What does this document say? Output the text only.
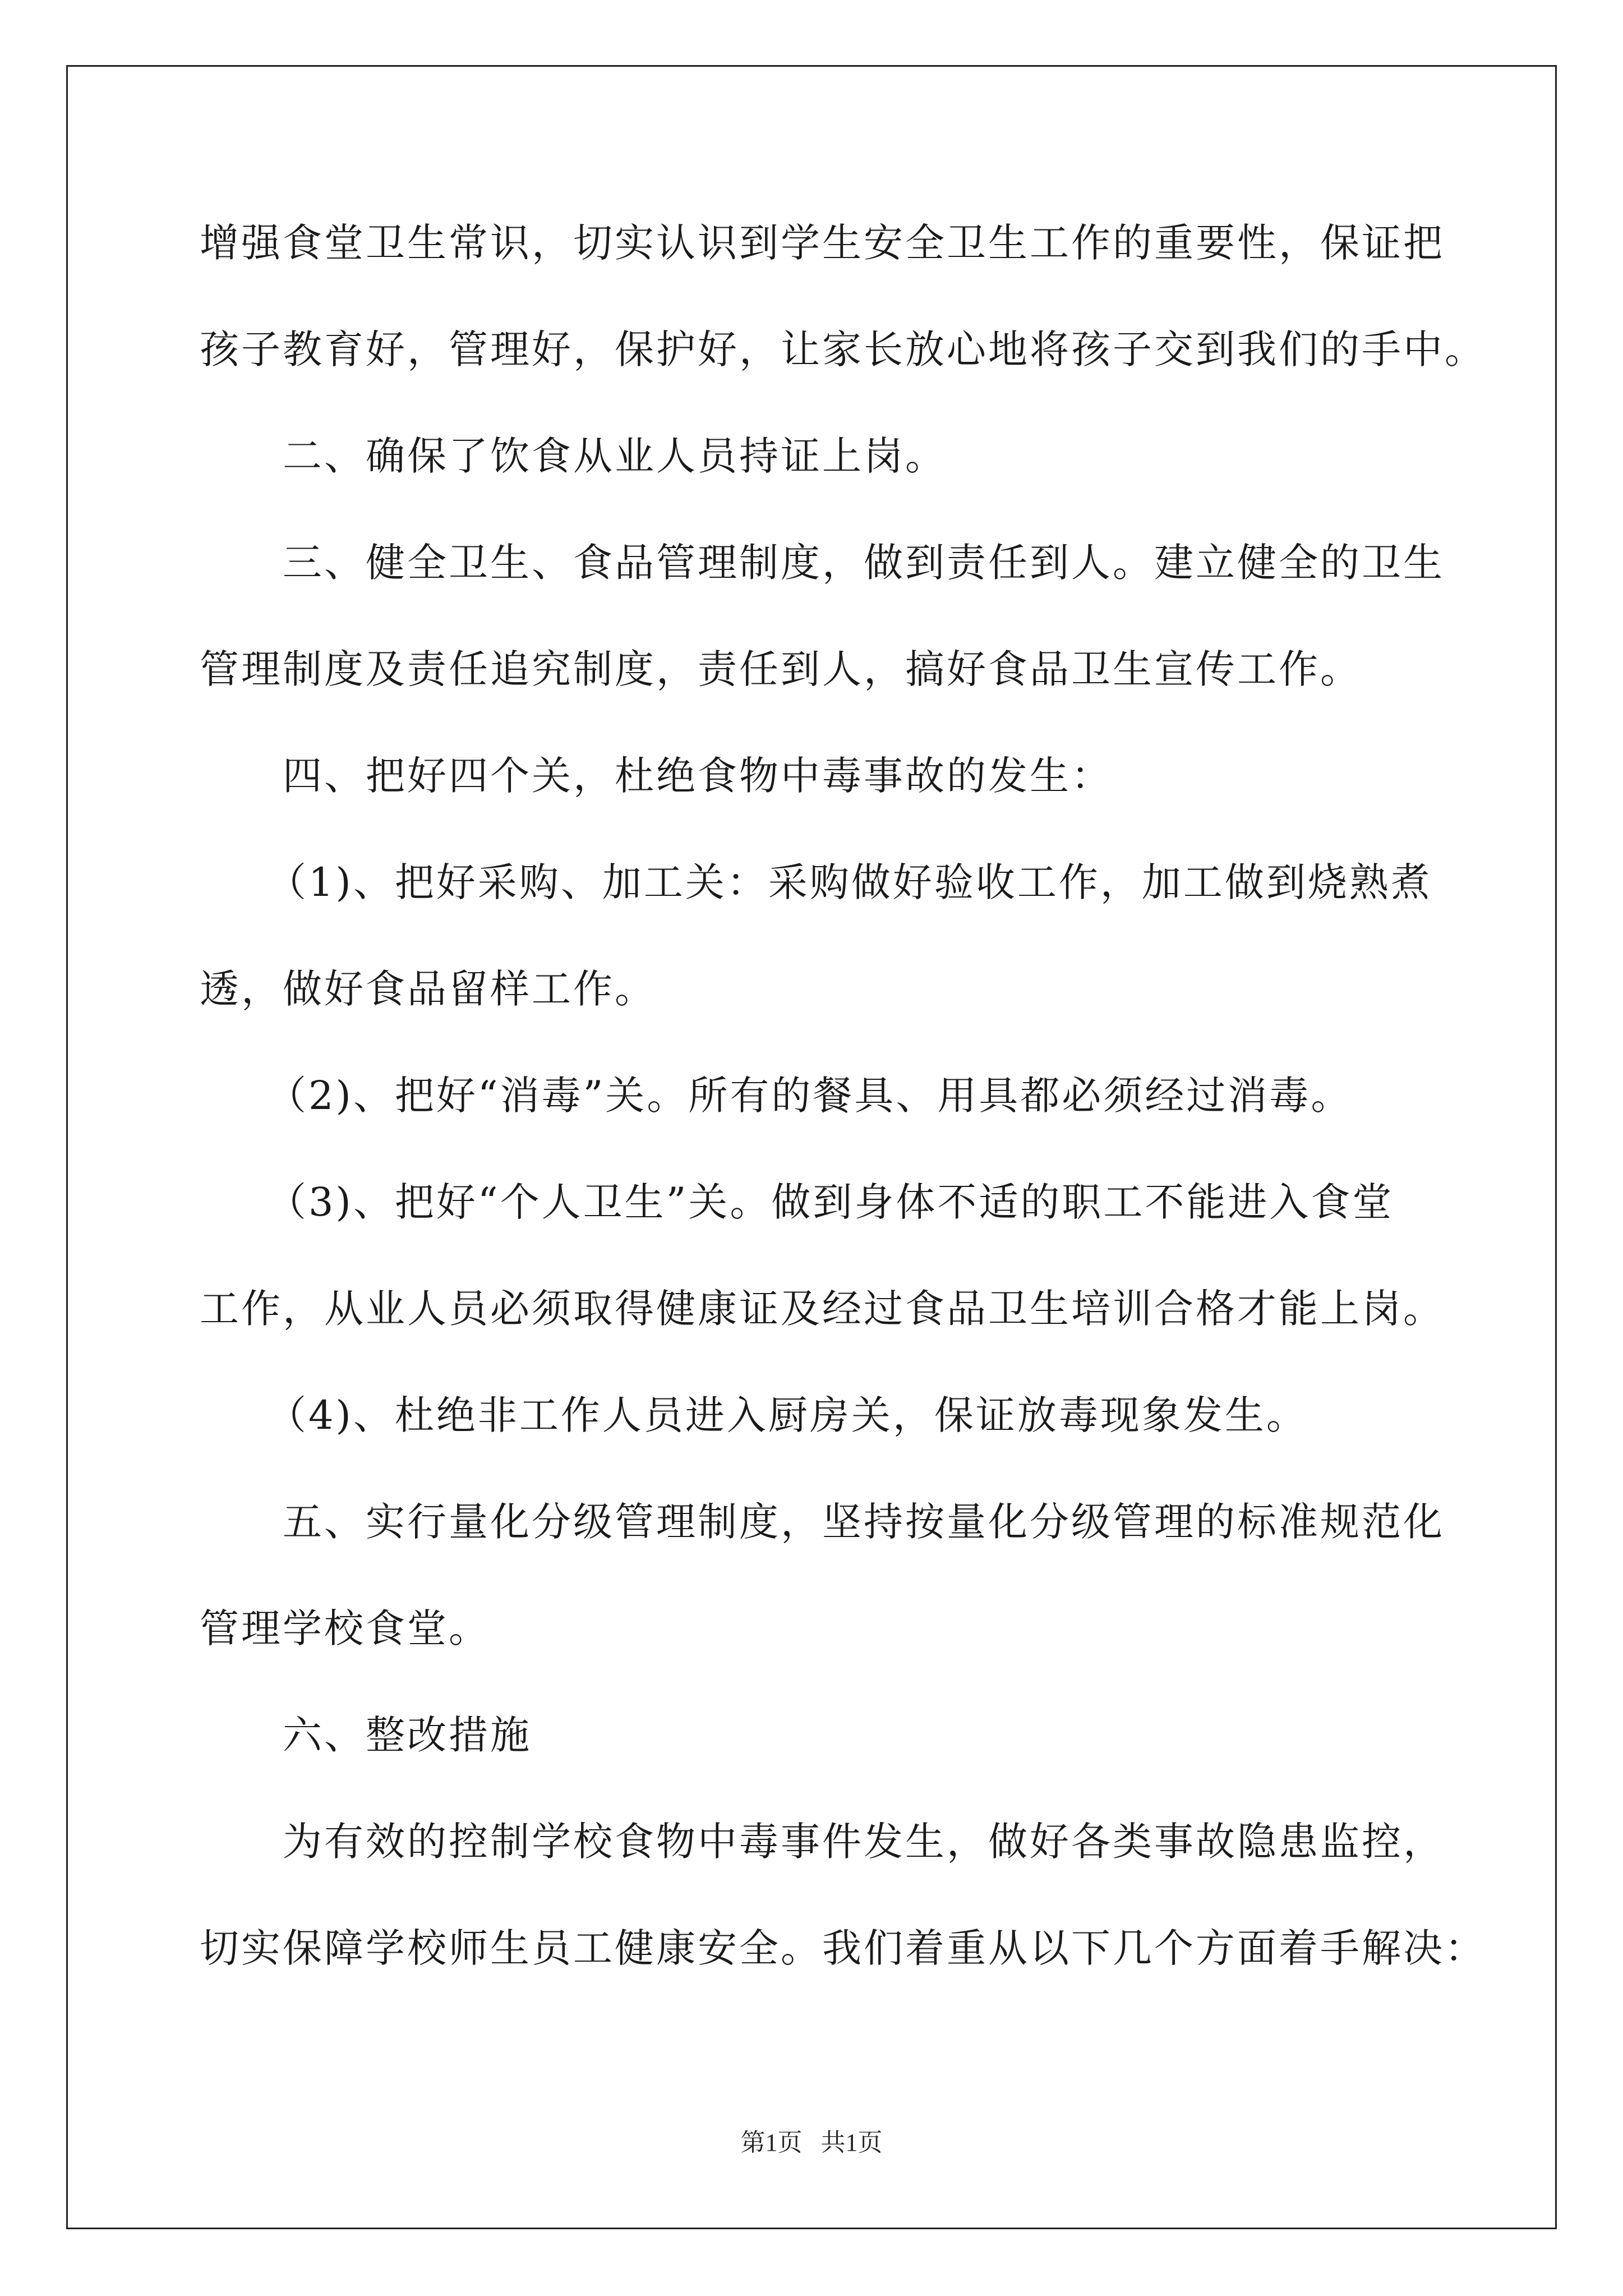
增强食堂卫生常识，切实认识到学生安全卫生工作的重要性，保证把
孩子教育好，管理好，保护好，让家长放心地将孩子交到我们的手中。
二、确保了饮食从业人员持证上岗。
三、健全卫生、食品管理制度，做到责任到人。建立健全的卫生
管理制度及责任追究制度，责任到人，搞好食品卫生宣传工作。
四、把好四个关，杜绝食物中毒事故的发生：
（1)、把好采购、加工关：采购做好验收工作，加工做到烧熟煮
透，做好食品留样工作。
（2)、把好“消毒”关。所有的餐具、用具都必须经过消毒。
（3)、把好“个人卫生”关。做到身体不适的职工不能进入食堂
工作，从业人员必须取得健康证及经过食品卫生培训合格才能上岗。
（4)、杜绝非工作人员进入厨房关，保证放毒现象发生。
五、实行量化分级管理制度，坚持按量化分级管理的标准规范化
管理学校食堂。
六、整改措施
为有效的控制学校食物中毒事件发生，做好各类事故隐患监控，
切实保障学校师生员工健康安全。我们着重从以下几个方面着手解决：
第1页   共1页
